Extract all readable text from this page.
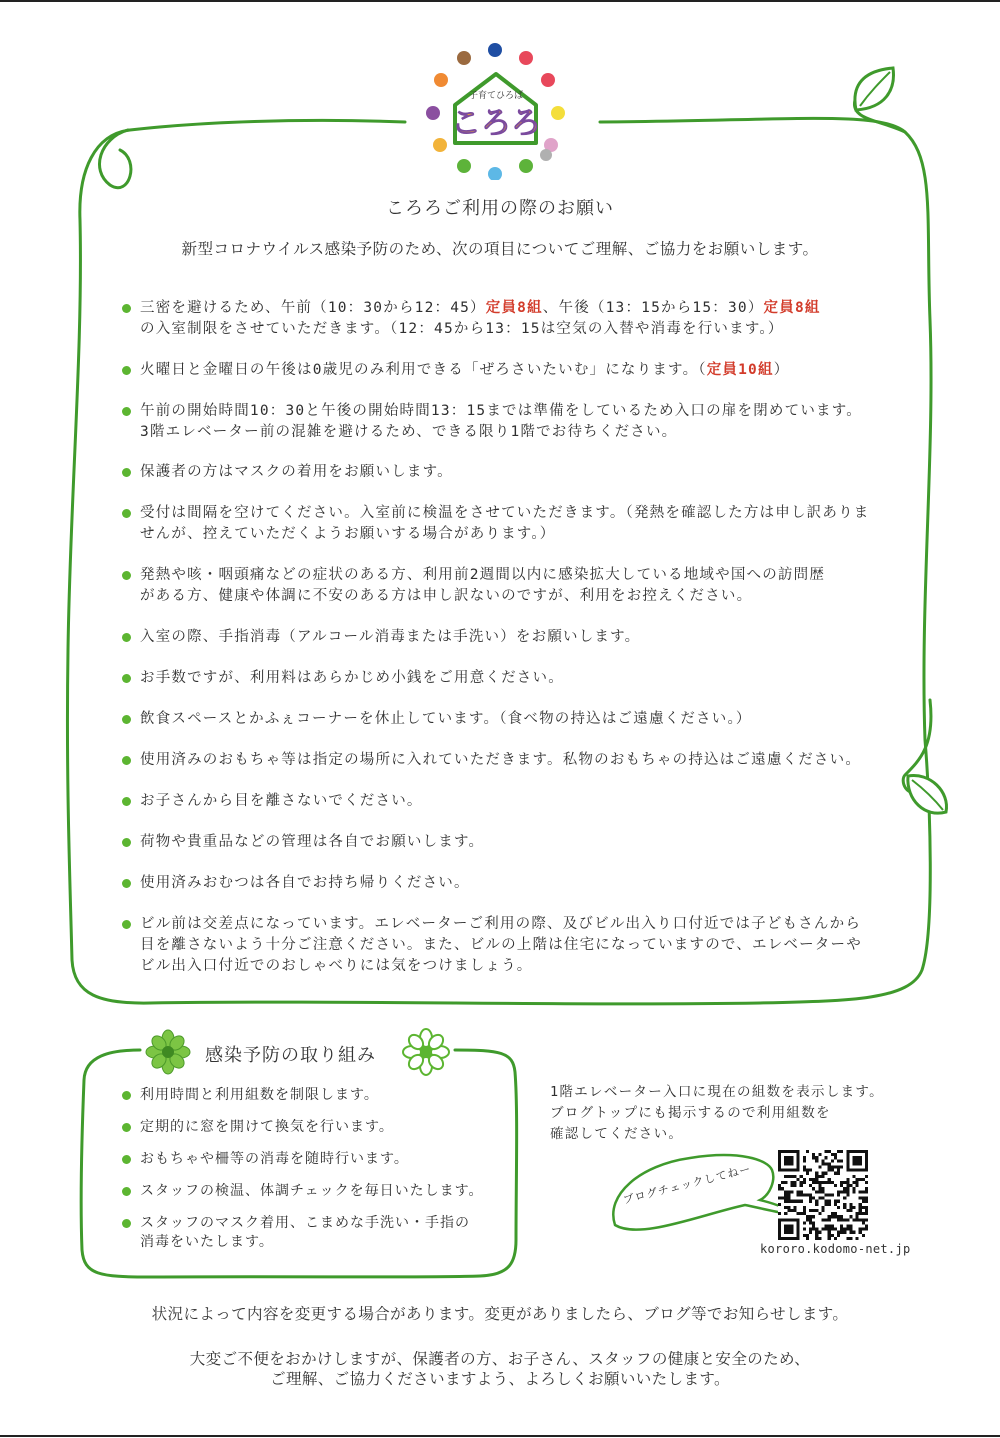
子育てひろば
ころろ
ころろご利用の際のお願い
新型コロナウイルス感染予防のため、次の項目についてご理解、ご協力をお願いします。
三密を避けるため、午前（10：30から12：45）定員8組、午後（13：15から15：30）定員8組
の入室制限をさせていただきます。（12：45から13：15は空気の入替や消毒を行います。）
火曜日と金曜日の午後は0歳児のみ利用できる「ぜろさいたいむ」になります。（定員10組）
午前の開始時間10：30と午後の開始時間13：15までは準備をしているため入口の扉を閉めています。
3階エレベーター前の混雑を避けるため、できる限り1階でお待ちください。
保護者の方はマスクの着用をお願いします。
受付は間隔を空けてください。入室前に検温をさせていただきます。（発熱を確認した方は申し訳ありま
せんが、控えていただくようお願いする場合があります。）
発熱や咳・咽頭痛などの症状のある方、利用前2週間以内に感染拡大している地域や国への訪問歴
がある方、健康や体調に不安のある方は申し訳ないのですが、利用をお控えください。
入室の際、手指消毒（アルコール消毒または手洗い）をお願いします。
お手数ですが、利用料はあらかじめ小銭をご用意ください。
飲食スペースとかふぇコーナーを休止しています。（食べ物の持込はご遠慮ください。）
使用済みのおもちゃ等は指定の場所に入れていただきます。私物のおもちゃの持込はご遠慮ください。
お子さんから目を離さないでください。
荷物や貴重品などの管理は各自でお願いします。
使用済みおむつは各自でお持ち帰りください。
ビル前は交差点になっています。エレベーターご利用の際、及びビル出入り口付近では子どもさんから
目を離さないよう十分ご注意ください。また、ビルの上階は住宅になっていますので、エレベーターや
ビル出入口付近でのおしゃべりには気をつけましょう。
感染予防の取り組み
利用時間と利用組数を制限します。
定期的に窓を開けて換気を行います。
おもちゃや柵等の消毒を随時行います。
スタッフの検温、体調チェックを毎日いたします。
スタッフのマスク着用、こまめな手洗い・手指の
消毒をいたします。
1階エレベーター入口に現在の組数を表示します。
ブログトップにも掲示するので利用組数を
確認してください。
ブログチェックしてねー
kororo.kodomo-net.jp
状況によって内容を変更する場合があります。変更がありましたら、ブログ等でお知らせします。
大変ご不便をおかけしますが、保護者の方、お子さん、スタッフの健康と安全のため、
ご理解、ご協力くださいますよう、よろしくお願いいたします。
